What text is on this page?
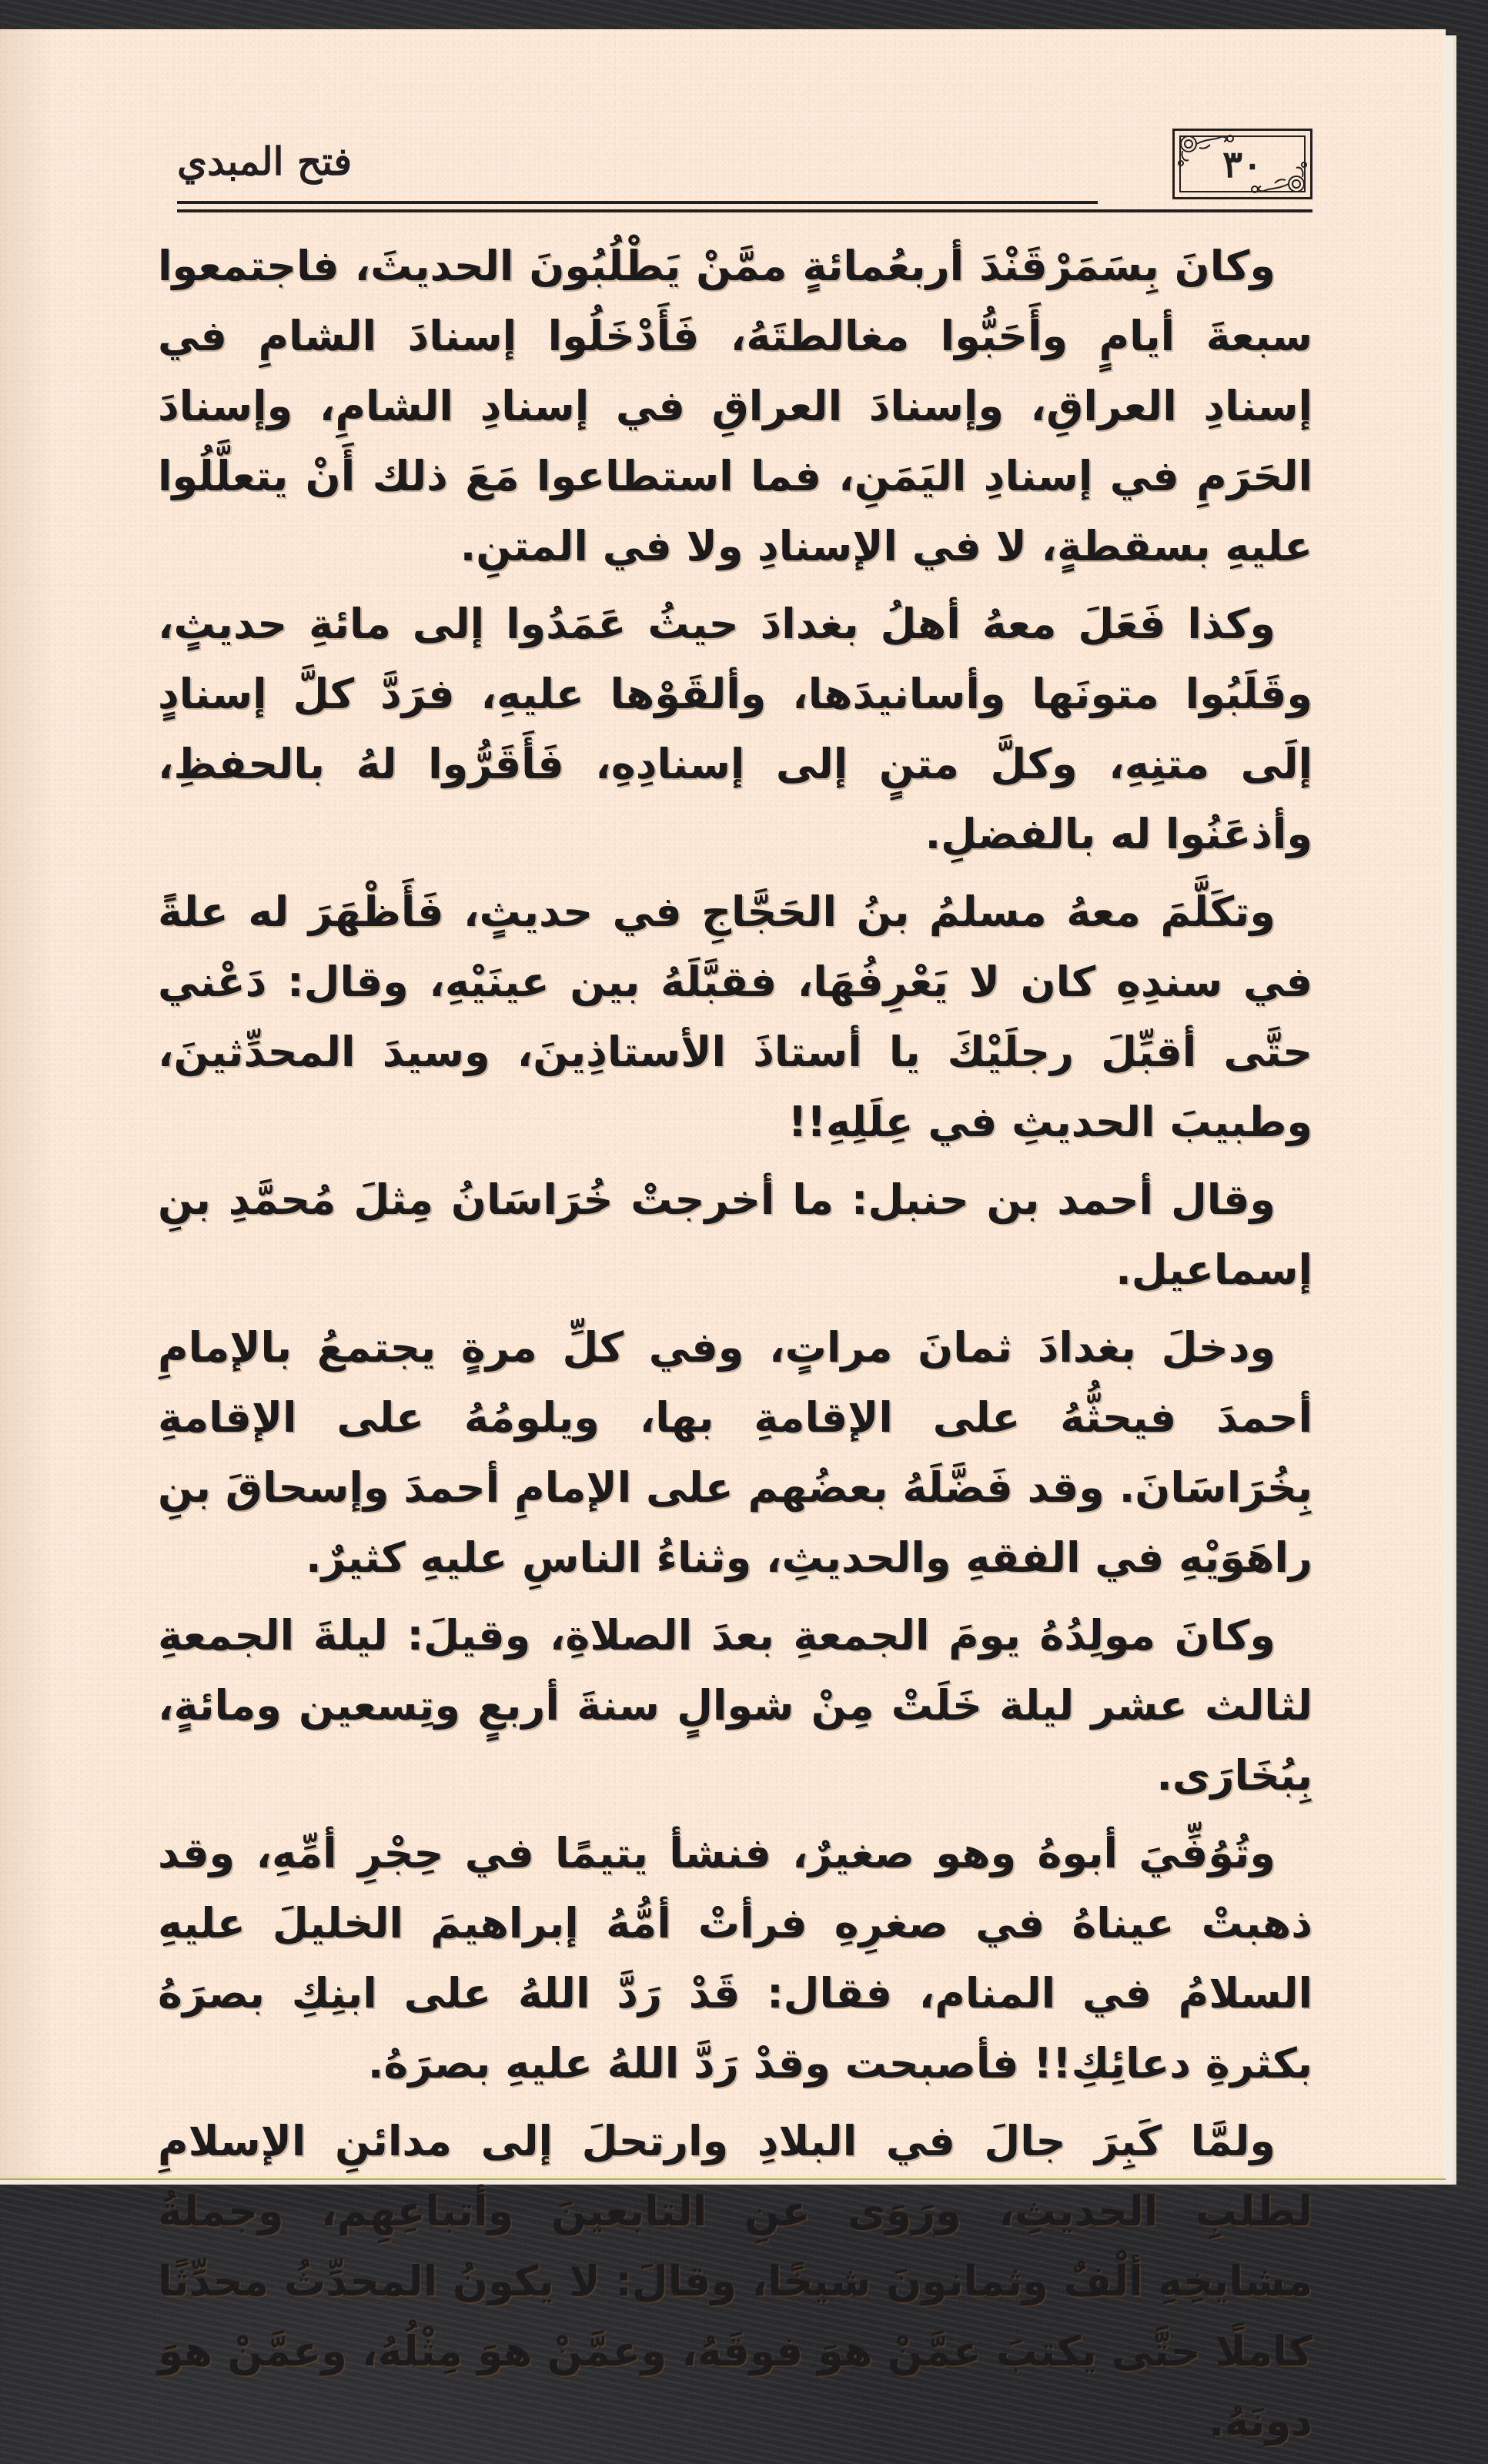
فتح المبدي	٣٠

وكانَ بِسَمَرْقَنْدَ أربعُمائةٍ ممَّنْ يَطْلُبُونَ الحديثَ، فاجتمعوا سبعةَ أيامٍ وأَحَبُّوا مغالطتَهُ، فَأَدْخَلُوا إسنادَ الشامِ في إسنادِ العراقِ، وإسنادَ العراقِ في إسنادِ الشامِ، وإسنادَ الحَرَمِ في إسنادِ اليَمَنِ، فما استطاعوا مَعَ ذلك أَنْ يتعلَّلُوا عليهِ بسقطةٍ، لا في الإسنادِ ولا في المتنِ.

وكذا فَعَلَ معهُ أهلُ بغدادَ حيثُ عَمَدُوا إلى مائةِ حديثٍ، وقَلَبُوا متونَها وأسانيدَها، وألقَوْها عليهِ، فرَدَّ كلَّ إسنادٍ إلَى متنِهِ، وكلَّ متنٍ إلى إسنادِهِ، فَأَقَرُّوا لهُ بالحفظِ، وأذعَنُوا له بالفضلِ.

وتكَلَّمَ معهُ مسلمُ بنُ الحَجَّاجِ في حديثٍ، فَأَظْهَرَ له علةً في سندِهِ كان لا يَعْرِفُهَا، فقبَّلَهُ بين عينَيْهِ، وقال: دَعْني حتَّى أقبِّلَ رجلَيْكَ يا أستاذَ الأستاذِينَ، وسيدَ المحدِّثينَ، وطبيبَ الحديثِ في عِلَلِهِ!!

وقال أحمد بن حنبل: ما أخرجتْ خُرَاسَانُ مِثلَ مُحمَّدِ بنِ إسماعيل.

ودخلَ بغدادَ ثمانَ مراتٍ، وفي كلِّ مرةٍ يجتمعُ بالإمامِ أحمدَ فيحثُّهُ على الإقامةِ بها، ويلومُهُ على الإقامةِ بِخُرَاسَانَ. وقد فَضَّلَهُ بعضُهم على الإمامِ أحمدَ وإسحاقَ بنِ راهَوَيْهِ في الفقهِ والحديثِ، وثناءُ الناسِ عليهِ كثيرٌ.

وكانَ مولِدُهُ يومَ الجمعةِ بعدَ الصلاةِ، وقيلَ: ليلةَ الجمعةِ لثالث عشر ليلة خَلَتْ مِنْ شوالٍ سنةَ أربعٍ وتِسعين ومائةٍ، بِبُخَارَى.

وتُوُفِّيَ أبوهُ وهو صغيرٌ، فنشأ يتيمًا في حِجْرِ أمِّهِ، وقد ذهبتْ عيناهُ في صغرِهِ فرأتْ أمُّهُ إبراهيمَ الخليلَ عليهِ السلامُ في المنام، فقال: قَدْ رَدَّ اللهُ على ابنِكِ بصرَهُ بكثرةِ دعائِكِ!! فأصبحت وقدْ رَدَّ اللهُ عليهِ بصرَهُ.

ولمَّا كَبِرَ جالَ في البلادِ وارتحلَ إلى مدائنِ الإسلامِ لطلبِ الحديثِ، ورَوَى عنِ التابعينَ وأتباعِهِم، وجملةُ مشايخِهِ ألْفٌ وثمانونَ شيخًا، وقالَ: لا يكونُ المحدِّثُ محدِّثًا كاملًا حتَّى يكتبَ عمَّنْ هوَ فوقَهُ، وعمَّنْ هوَ مِثْلُهُ، وعمَّنْ هوَ دونَهُ.
